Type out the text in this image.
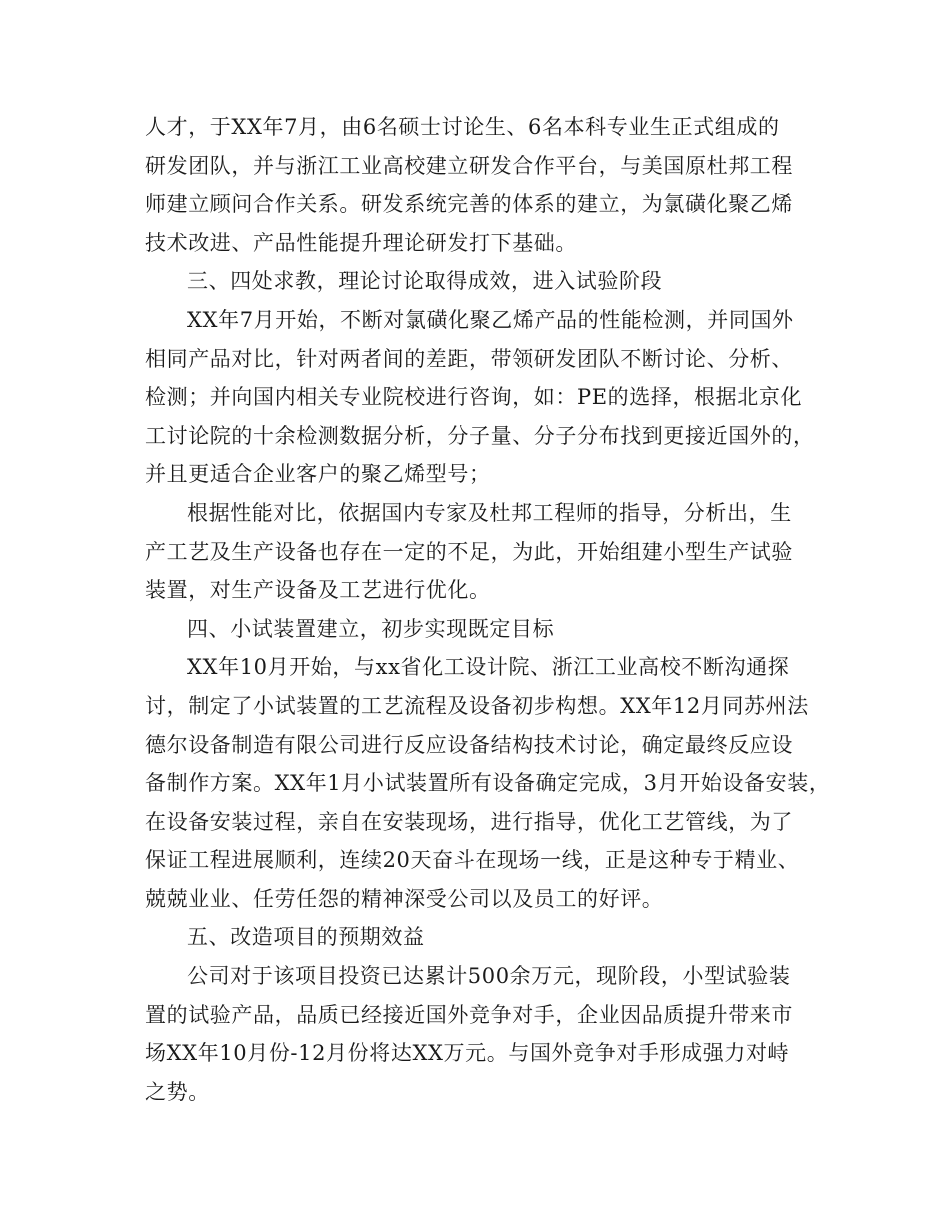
人才，于XX年7月，由6名硕士讨论生、6名本科专业生正式组成的
研发团队，并与浙江工业高校建立研发合作平台，与美国原杜邦工程
师建立顾问合作关系。研发系统完善的体系的建立，为氯磺化聚乙烯
技术改进、产品性能提升理论研发打下基础。
三、四处求教，理论讨论取得成效，进入试验阶段
XX年7月开始，不断对氯磺化聚乙烯产品的性能检测，并同国外
相同产品对比，针对两者间的差距，带领研发团队不断讨论、分析、
检测；并向国内相关专业院校进行咨询，如：PE的选择，根据北京化
工讨论院的十余检测数据分析，分子量、分子分布找到更接近国外的，
并且更适合企业客户的聚乙烯型号；
根据性能对比，依据国内专家及杜邦工程师的指导，分析出，生
产工艺及生产设备也存在一定的不足，为此，开始组建小型生产试验
装置，对生产设备及工艺进行优化。
四、小试装置建立，初步实现既定目标
XX年10月开始，与xx省化工设计院、浙江工业高校不断沟通探
讨，制定了小试装置的工艺流程及设备初步构想。XX年12月同苏州法
德尔设备制造有限公司进行反应设备结构技术讨论，确定最终反应设
备制作方案。XX年1月小试装置所有设备确定完成，3月开始设备安装，
在设备安装过程，亲自在安装现场，进行指导，优化工艺管线，为了
保证工程进展顺利，连续20天奋斗在现场一线，正是这种专于精业、
兢兢业业、任劳任怨的精神深受公司以及员工的好评。
五、改造项目的预期效益
公司对于该项目投资已达累计500余万元，现阶段，小型试验装
置的试验产品，品质已经接近国外竞争对手，企业因品质提升带来市
场XX年10月份-12月份将达XX万元。与国外竞争对手形成强力对峙
之势。
